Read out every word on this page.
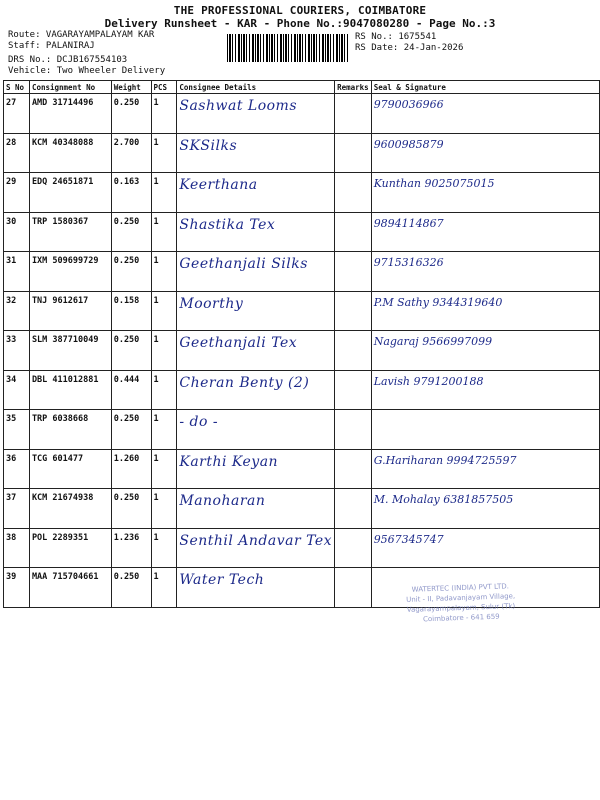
THE PROFESSIONAL COURIERS, COIMBATORE
Delivery Runsheet - KAR - Phone No.:9047080280 - Page No.:3
Route: VAGARAYAMPALAYAM KAR
Staff: PALANIRAJ
DRS No.: DCJB167554103
Vehicle: Two Wheeler Delivery
RS No.: 1675541
RS Date: 24-Jan-2026
S No	Consignment No	Weight	PCS	Consignee Details	Remarks	Seal & Signature
27	AMD 31714496	0.250	1	Sashwat Looms		9790036966
28	KCM 40348088	2.700	1	SKSilks		9600985879
29	EDQ 24651871	0.163	1	Keerthana		Kunthan 9025075015
30	TRP 1580367	0.250	1	Shastika Tex		9894114867
31	IXM 509699729	0.250	1	Geethanjali Silks		9715316326
32	TNJ 9612617	0.158	1	Moorthy		P.M Sathy 9344319640
33	SLM 387710049	0.250	1	Geethanjali Tex		Nagaraj 9566997099
34	DBL 411012881	0.444	1	Cheran Benty (2)		Lavish 9791200188
35	TRP 6038668	0.250	1	- do -		
36	TCG 601477	1.260	1	Karthi Keyan		G.Hariharan 9994725597
37	KCM 21674938	0.250	1	Manoharan		M. Mohalay 6381857505
38	POL 2289351	1.236	1	Senthil Andavar Tex		9567345747
39	MAA 715704661	0.250	1	Water Tech		
WATERTEC (INDIA) PVT LTD.
Unit - II, Padavanjayam Village,
Vagarayampalayam, Sulur (Tk)
Coimbatore - 641 659
